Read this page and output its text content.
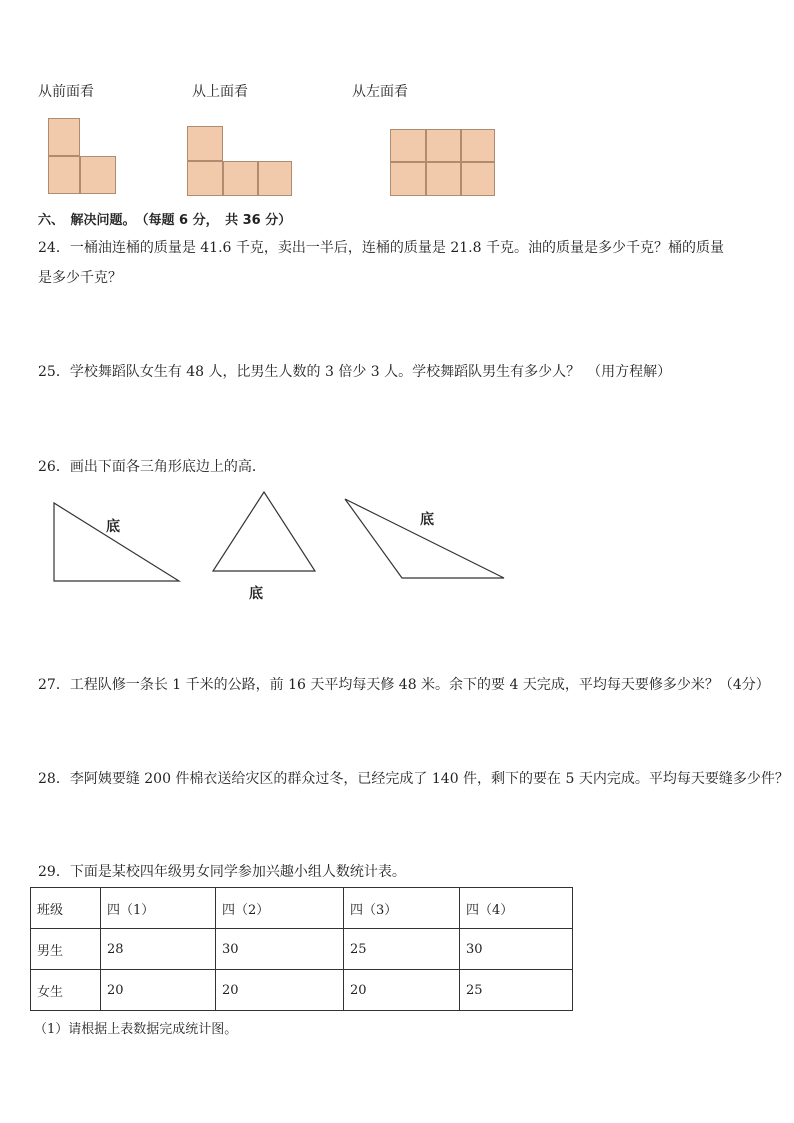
从前面看	从上面看	从左面看
六、　解决问题。　（每题 6 分，　共 36 分）
24．一桶油连桶的质量是 41.6 千克，卖出一半后，连桶的质量是 21.8 千克。油的质量是多少千克？桶的质量
是多少千克？
25．学校舞蹈队女生有 48 人，比男生人数的 3 倍少 3 人。学校舞蹈队男生有多少人？　（用方程解）
26．画出下面各三角形底边上的高．
底
底
底
27．工程队修一条长 1 千米的公路，前 16 天平均每天修 48 米。余下的要 4 天完成，平均每天要修多少米？（4分）
28．李阿姨要缝 200 件棉衣送给灾区的群众过冬，已经完成了 140 件，剩下的要在 5 天内完成。平均每天要缝多少件？
29．下面是某校四年级男女同学参加兴趣小组人数统计表。
班级	四（1）	四（2）	四（3）	四（4）
男生	28	30	25	30
女生	20	20	20	25
（1）请根据上表数据完成统计图。
